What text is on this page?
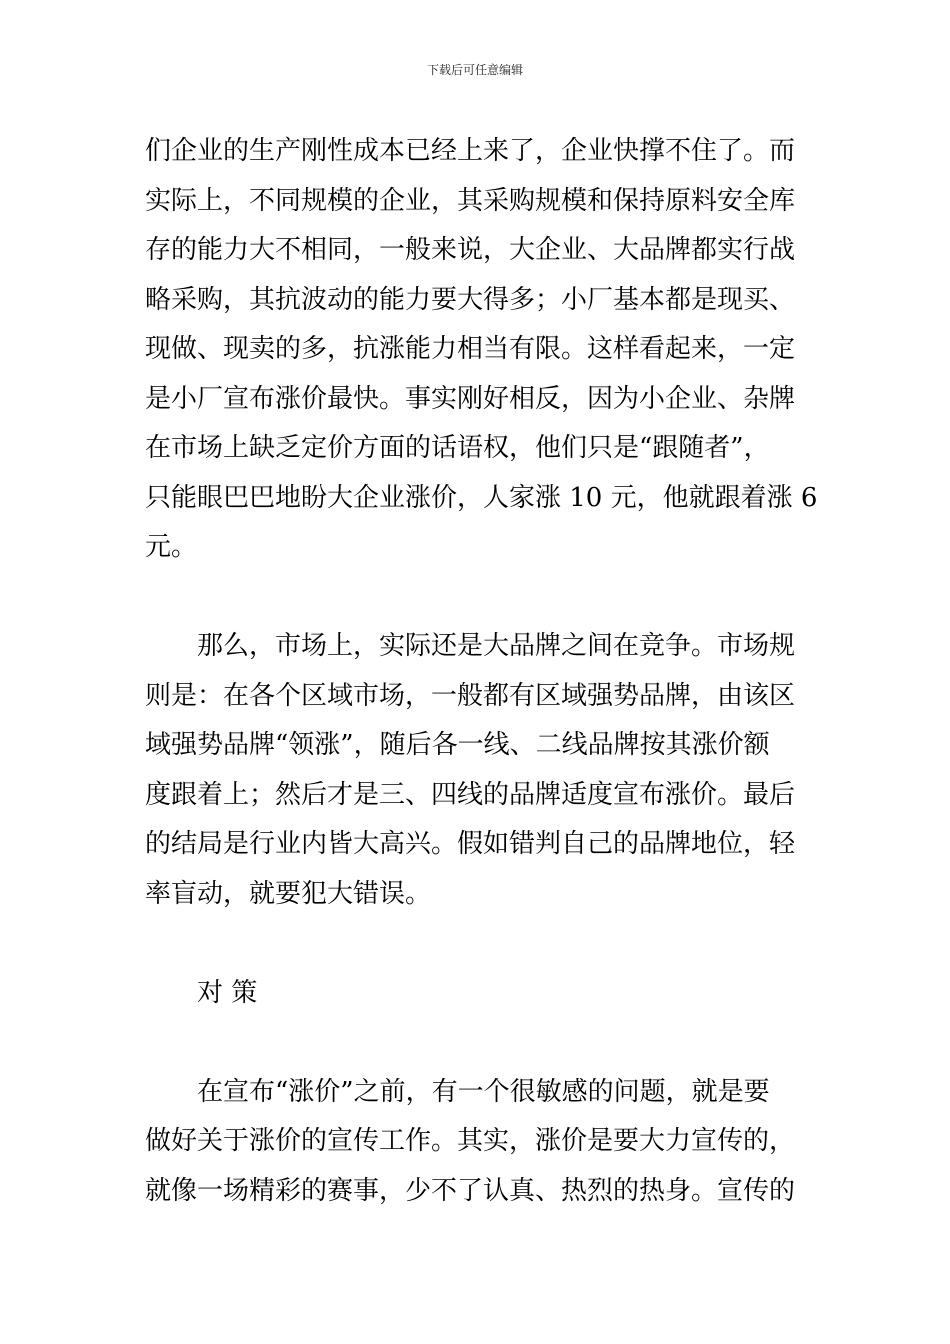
下载后可任意编辑
们企业的生产刚性成本已经上来了，企业快撑不住了。而
实际上，不同规模的企业，其采购规模和保持原料安全库
存的能力大不相同，一般来说，大企业、大品牌都实行战
略采购，其抗波动的能力要大得多；小厂基本都是现买、
现做、现卖的多，抗涨能力相当有限。这样看起来，一定
是小厂宣布涨价最快。事实刚好相反，因为小企业、杂牌
在市场上缺乏定价方面的话语权，他们只是“跟随者”，
只能眼巴巴地盼大企业涨价，人家涨 10 元，他就跟着涨 6
元。
那么，市场上，实际还是大品牌之间在竞争。市场规
则是：在各个区域市场，一般都有区域强势品牌，由该区
域强势品牌“领涨”，随后各一线、二线品牌按其涨价额
度跟着上；然后才是三、四线的品牌适度宣布涨价。最后
的结局是行业内皆大高兴。假如错判自己的品牌地位，轻
率盲动，就要犯大错误。
对 策
在宣布“涨价”之前，有一个很敏感的问题，就是要
做好关于涨价的宣传工作。其实，涨价是要大力宣传的，
就像一场精彩的赛事，少不了认真、热烈的热身。宣传的
